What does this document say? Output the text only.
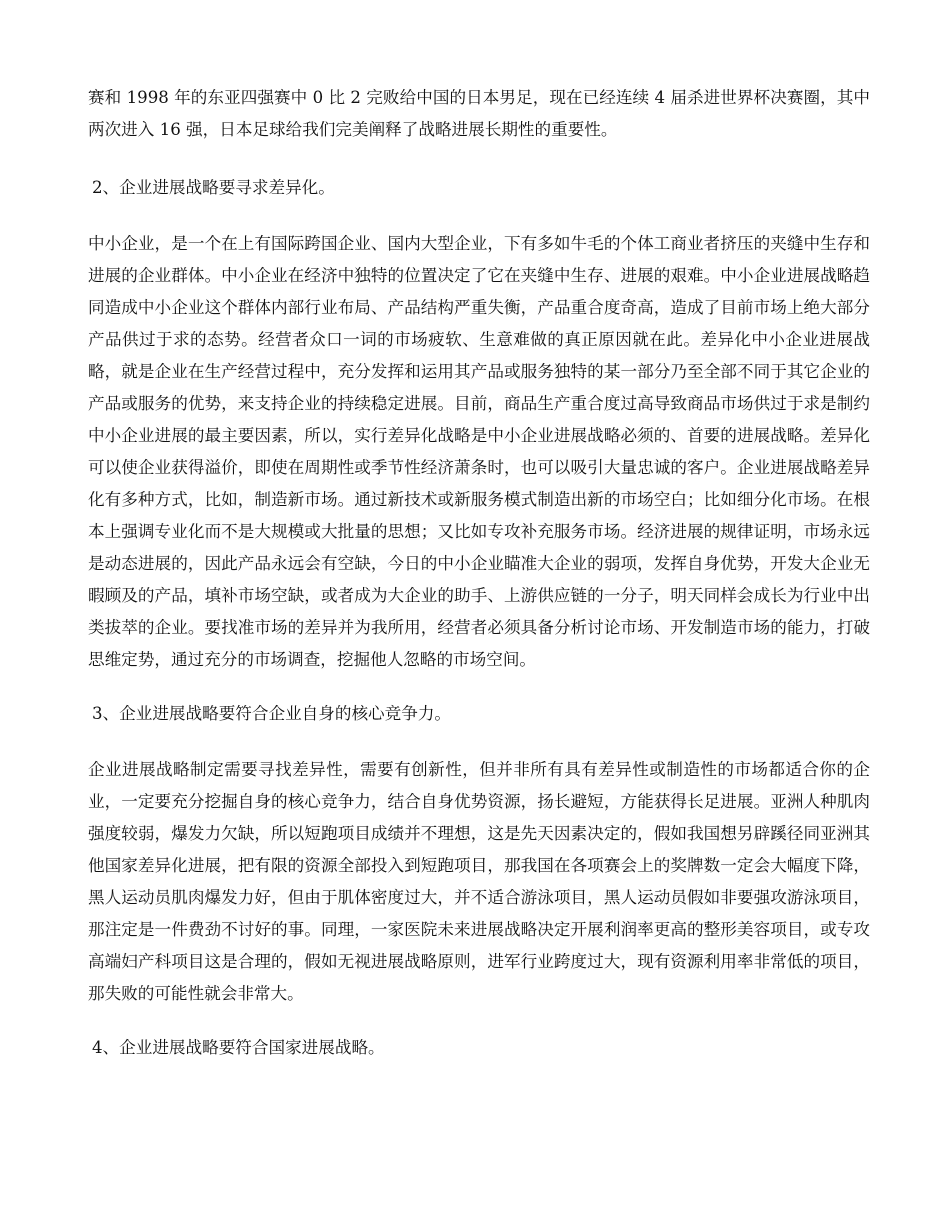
赛和 1998 年的东亚四强赛中 0 比 2 完败给中国的日本男足，现在已经连续 4 届杀进世界杯决赛圈，其中两次进入 16 强，日本足球给我们完美阐释了战略进展长期性的重要性。

2、企业进展战略要寻求差异化。

中小企业，是一个在上有国际跨国企业、国内大型企业，下有多如牛毛的个体工商业者挤压的夹缝中生存和进展的企业群体。中小企业在经济中独特的位置决定了它在夹缝中生存、进展的艰难。中小企业进展战略趋同造成中小企业这个群体内部行业布局、产品结构严重失衡，产品重合度奇高，造成了目前市场上绝大部分产品供过于求的态势。经营者众口一词的市场疲软、生意难做的真正原因就在此。差异化中小企业进展战略，就是企业在生产经营过程中，充分发挥和运用其产品或服务独特的某一部分乃至全部不同于其它企业的产品或服务的优势，来支持企业的持续稳定进展。目前，商品生产重合度过高导致商品市场供过于求是制约中小企业进展的最主要因素，所以，实行差异化战略是中小企业进展战略必须的、首要的进展战略。差异化可以使企业获得溢价，即使在周期性或季节性经济萧条时，也可以吸引大量忠诚的客户。企业进展战略差异化有多种方式，比如，制造新市场。通过新技术或新服务模式制造出新的市场空白；比如细分化市场。在根本上强调专业化而不是大规模或大批量的思想；又比如专攻补充服务市场。经济进展的规律证明，市场永远是动态进展的，因此产品永远会有空缺，今日的中小企业瞄准大企业的弱项，发挥自身优势，开发大企业无暇顾及的产品，填补市场空缺，或者成为大企业的助手、上游供应链的一分子，明天同样会成长为行业中出类拔萃的企业。要找准市场的差异并为我所用，经营者必须具备分析讨论市场、开发制造市场的能力，打破思维定势，通过充分的市场调查，挖掘他人忽略的市场空间。

3、企业进展战略要符合企业自身的核心竞争力。

企业进展战略制定需要寻找差异性，需要有创新性，但并非所有具有差异性或制造性的市场都适合你的企业，一定要充分挖掘自身的核心竞争力，结合自身优势资源，扬长避短，方能获得长足进展。亚洲人种肌肉强度较弱，爆发力欠缺，所以短跑项目成绩并不理想，这是先天因素决定的，假如我国想另辟蹊径同亚洲其他国家差异化进展，把有限的资源全部投入到短跑项目，那我国在各项赛会上的奖牌数一定会大幅度下降，黑人运动员肌肉爆发力好，但由于肌体密度过大，并不适合游泳项目，黑人运动员假如非要强攻游泳项目，那注定是一件费劲不讨好的事。同理，一家医院未来进展战略决定开展利润率更高的整形美容项目，或专攻高端妇产科项目这是合理的，假如无视进展战略原则，进军行业跨度过大，现有资源利用率非常低的项目，那失败的可能性就会非常大。

4、企业进展战略要符合国家进展战略。
